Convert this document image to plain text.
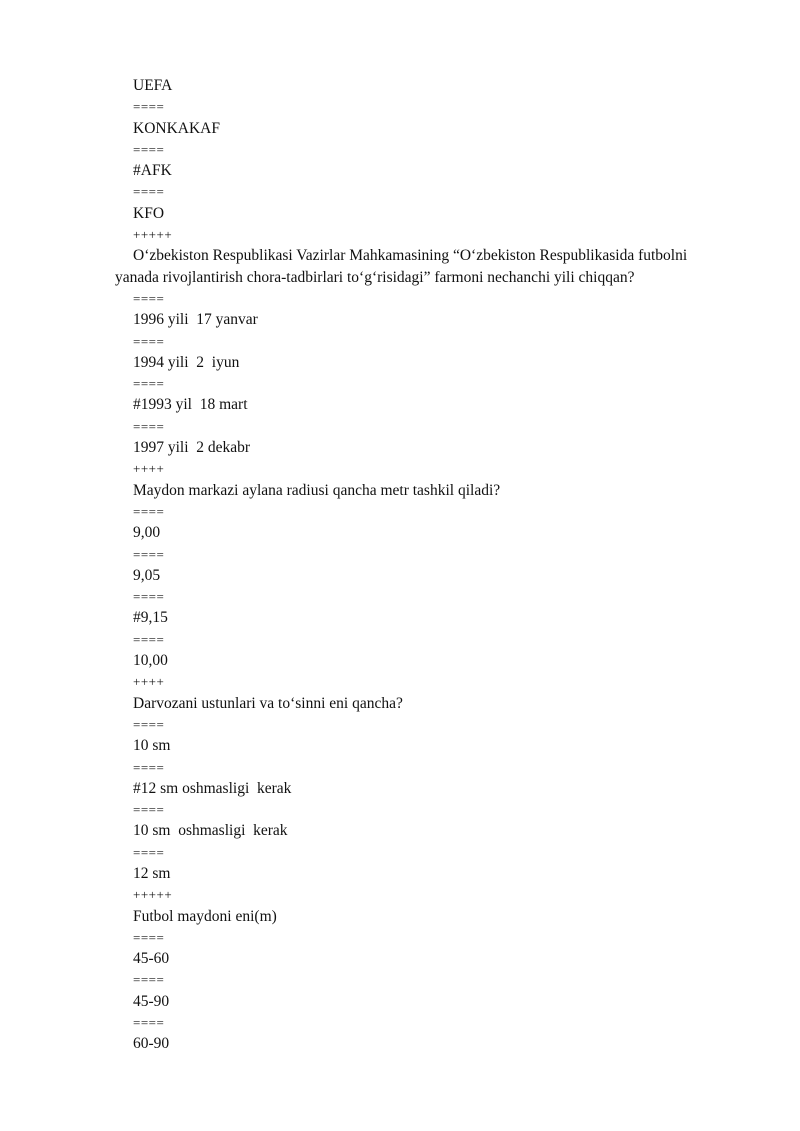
UEFA
====
KONKAKAF
====
#AFK
====
KFO
+++++
O‘zbekiston Respublikasi Vazirlar Mahkamasining “O‘zbekiston Respublikasida futbolni yanada rivojlantirish chora-tadbirlari to‘g‘risidagi” farmoni nechanchi yili chiqqan?
====
1996 yili  17 yanvar
====
1994 yili  2  iyun
====
#1993 yil  18 mart
====
1997 yili  2 dekabr
++++
Maydon markazi aylana radiusi qancha metr tashkil qiladi?
====
9,00
====
9,05
====
#9,15
====
10,00
++++
Darvozani ustunlari va to‘sinni eni qancha?
====
10 sm
====
#12 sm oshmasligi  kerak
====
10 sm  oshmasligi  kerak
====
12 sm
+++++
Futbol maydoni eni(m)
====
45-60
====
45-90
====
60-90
